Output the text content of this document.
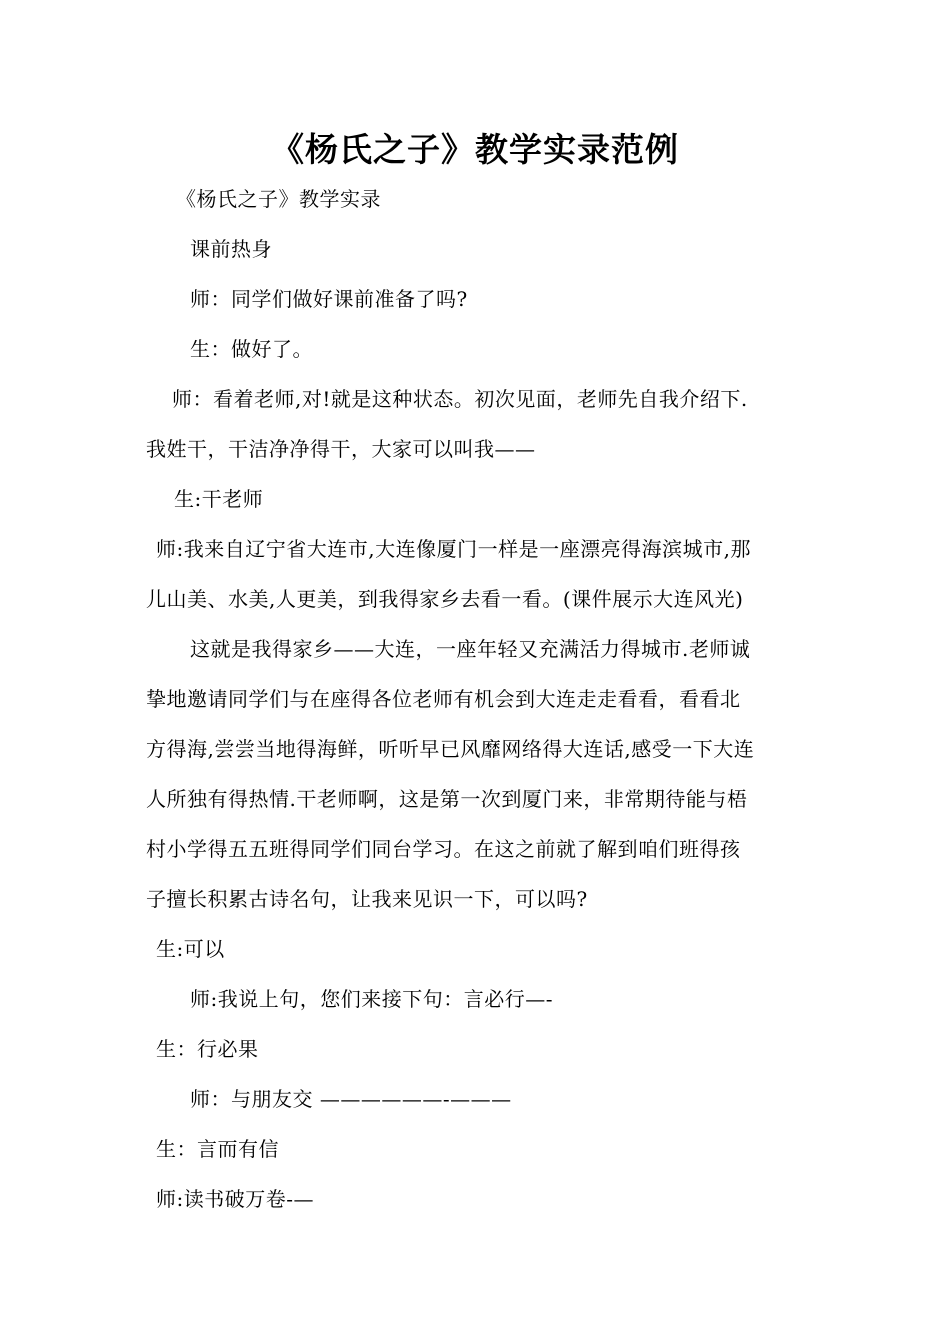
《杨氏之子》教学实录范例
《杨氏之子》教学实录
课前热身
师：同学们做好课前准备了吗?
生：做好了。
师：看着老师,对!就是这种状态。初次见面，老师先自我介绍下.
我姓干，干洁净净得干，大家可以叫我——
生:干老师
师:我来自辽宁省大连市,大连像厦门一样是一座漂亮得海滨城市,那
儿山美、水美,人更美，到我得家乡去看一看。(课件展示大连风光)
这就是我得家乡——大连，一座年轻又充满活力得城市.老师诚
挚地邀请同学们与在座得各位老师有机会到大连走走看看，看看北
方得海,尝尝当地得海鲜，听听早已风靡网络得大连话,感受一下大连
人所独有得热情.干老师啊，这是第一次到厦门来，非常期待能与梧
村小学得五五班得同学们同台学习。在这之前就了解到咱们班得孩
子擅长积累古诗名句，让我来见识一下，可以吗?
生:可以
师:我说上句，您们来接下句：言必行—-
生：行必果
师：与朋友交 ——————-———
生：言而有信
师:读书破万卷-—
